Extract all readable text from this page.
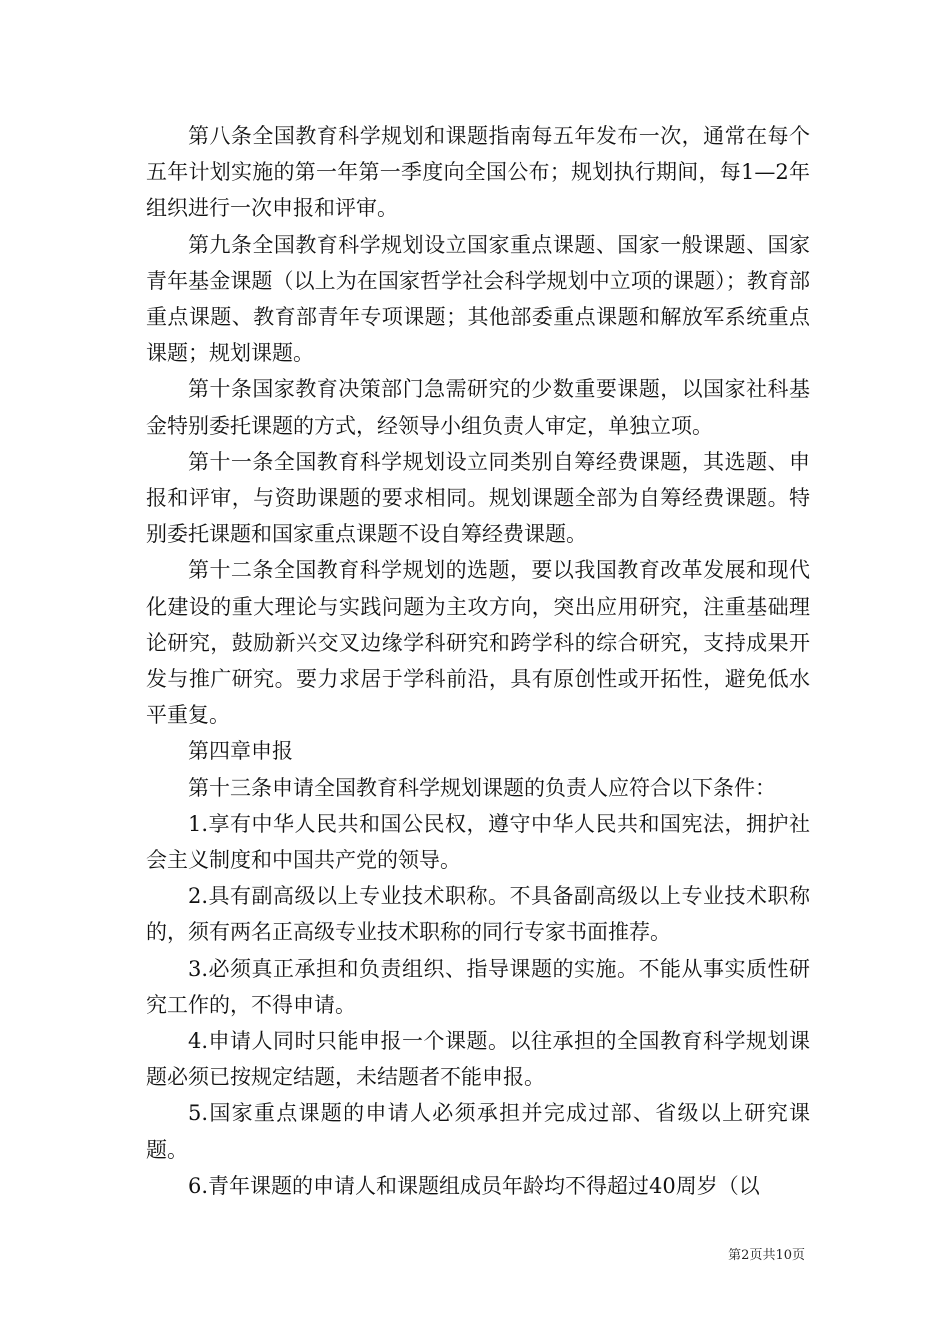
第八条全国教育科学规划和课题指南每五年发布一次，通常在每个五年计划实施的第一年第一季度向全国公布；规划执行期间，每1—2年组织进行一次申报和评审。

第九条全国教育科学规划设立国家重点课题、国家一般课题、国家青年基金课题（以上为在国家哲学社会科学规划中立项的课题）；教育部重点课题、教育部青年专项课题；其他部委重点课题和解放军系统重点课题；规划课题。

第十条国家教育决策部门急需研究的少数重要课题，以国家社科基金特别委托课题的方式，经领导小组负责人审定，单独立项。

第十一条全国教育科学规划设立同类别自筹经费课题，其选题、申报和评审，与资助课题的要求相同。规划课题全部为自筹经费课题。特别委托课题和国家重点课题不设自筹经费课题。

第十二条全国教育科学规划的选题，要以我国教育改革发展和现代化建设的重大理论与实践问题为主攻方向，突出应用研究，注重基础理论研究，鼓励新兴交叉边缘学科研究和跨学科的综合研究，支持成果开发与推广研究。要力求居于学科前沿，具有原创性或开拓性，避免低水平重复。

第四章申报

第十三条申请全国教育科学规划课题的负责人应符合以下条件：

1.享有中华人民共和国公民权，遵守中华人民共和国宪法，拥护社会主义制度和中国共产党的领导。

2.具有副高级以上专业技术职称。不具备副高级以上专业技术职称的，须有两名正高级专业技术职称的同行专家书面推荐。

3.必须真正承担和负责组织、指导课题的实施。不能从事实质性研究工作的，不得申请。

4.申请人同时只能申报一个课题。以往承担的全国教育科学规划课题必须已按规定结题，未结题者不能申报。

5.国家重点课题的申请人必须承担并完成过部、省级以上研究课题。

6.青年课题的申请人和课题组成员年龄均不得超过40周岁（以

第2页共10页
